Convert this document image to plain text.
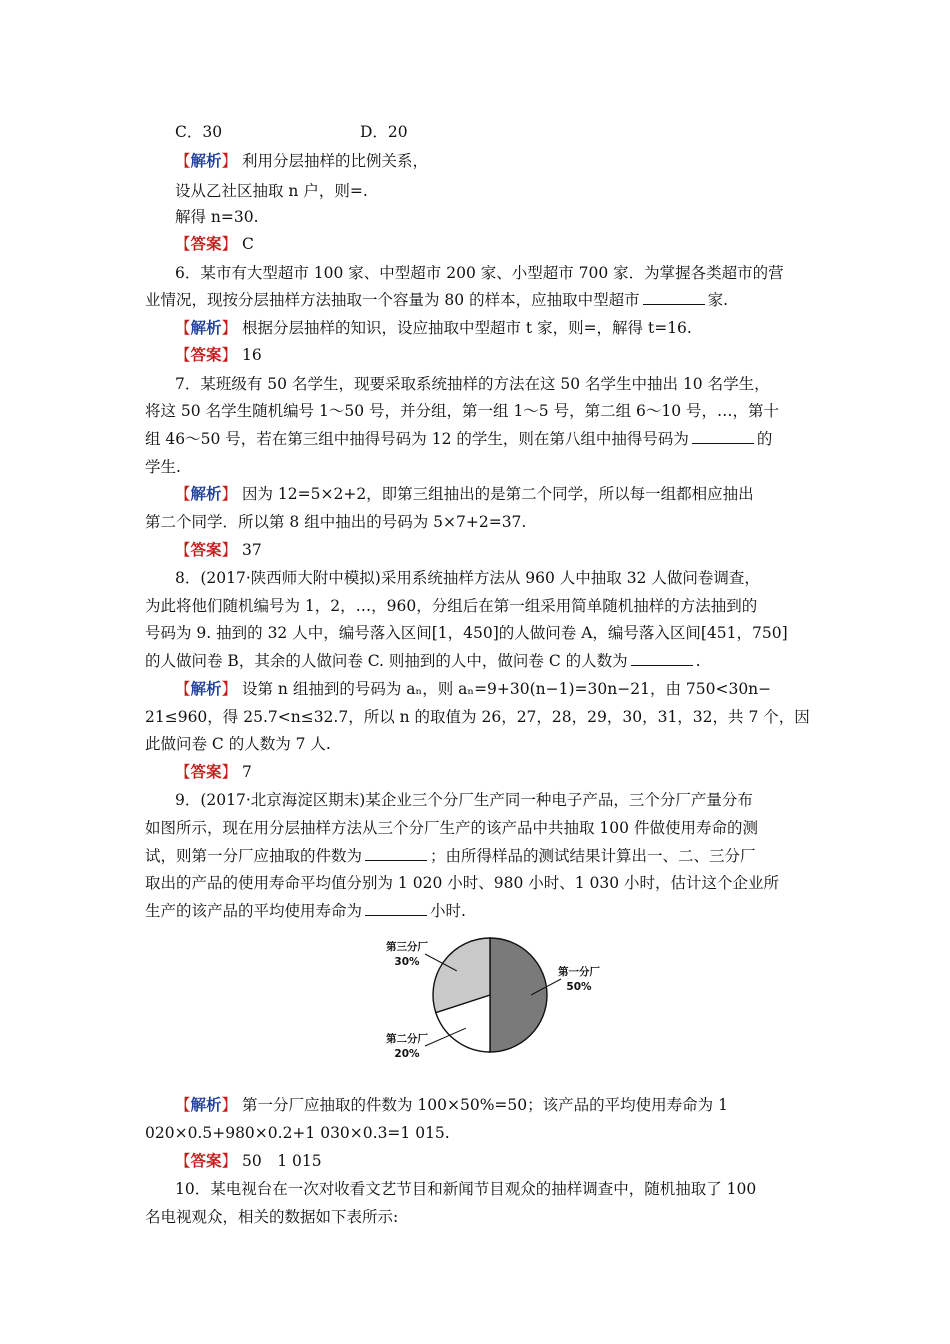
C．30	D．20
【解析】 利用分层抽样的比例关系，
设从乙社区抽取 n 户，则=.
解得 n=30.
【答案】 C
6．某市有大型超市 100 家、中型超市 200 家、小型超市 700 家．为掌握各类超市的营
业情况，现按分层抽样方法抽取一个容量为 80 的样本，应抽取中型超市	家.
【解析】 根据分层抽样的知识，设应抽取中型超市 t 家，则=，解得 t=16.
【答案】 16
7．某班级有 50 名学生，现要采取系统抽样的方法在这 50 名学生中抽出 10 名学生，
将这 50 名学生随机编号 1～50 号，并分组，第一组 1～5 号，第二组 6～10 号，…，第十
组 46～50 号，若在第三组中抽得号码为 12 的学生，则在第八组中抽得号码为	的
学生.
【解析】 因为 12=5×2+2，即第三组抽出的是第二个同学，所以每一组都相应抽出
第二个同学．所以第 8 组中抽出的号码为 5×7+2=37.
【答案】 37
8．(2017·陕西师大附中模拟)采用系统抽样方法从 960 人中抽取 32 人做问卷调查，
为此将他们随机编号为 1，2，…，960，分组后在第一组采用简单随机抽样的方法抽到的
号码为 9. 抽到的 32 人中，编号落入区间[1，450]的人做问卷 A，编号落入区间[451，750]
的人做问卷 B，其余的人做问卷 C. 则抽到的人中，做问卷 C 的人数为	.
【解析】 设第 n 组抽到的号码为 aₙ，则 aₙ=9+30(n−1)=30n−21，由 750<30n−
21≤960，得 25.7<n≤32.7，所以 n 的取值为 26，27，28，29，30，31，32，共 7 个，因
此做问卷 C 的人数为 7 人.
【答案】 7
9．(2017·北京海淀区期末)某企业三个分厂生产同一种电子产品，三个分厂产量分布
如图所示，现在用分层抽样方法从三个分厂生产的该产品中共抽取 100 件做使用寿命的测
试，则第一分厂应抽取的件数为	；由所得样品的测试结果计算出一、二、三分厂
取出的产品的使用寿命平均值分别为 1 020 小时、980 小时、1 030 小时，估计这个企业所
生产的该产品的平均使用寿命为	小时.
第一分厂
50%
第二分厂
20%
第三分厂
30%
【解析】 第一分厂应抽取的件数为 100×50%=50；该产品的平均使用寿命为 1
020×0.5+980×0.2+1 030×0.3=1 015.
【答案】 50　1 015
10．某电视台在一次对收看文艺节目和新闻节目观众的抽样调查中，随机抽取了 100
名电视观众，相关的数据如下表所示:
